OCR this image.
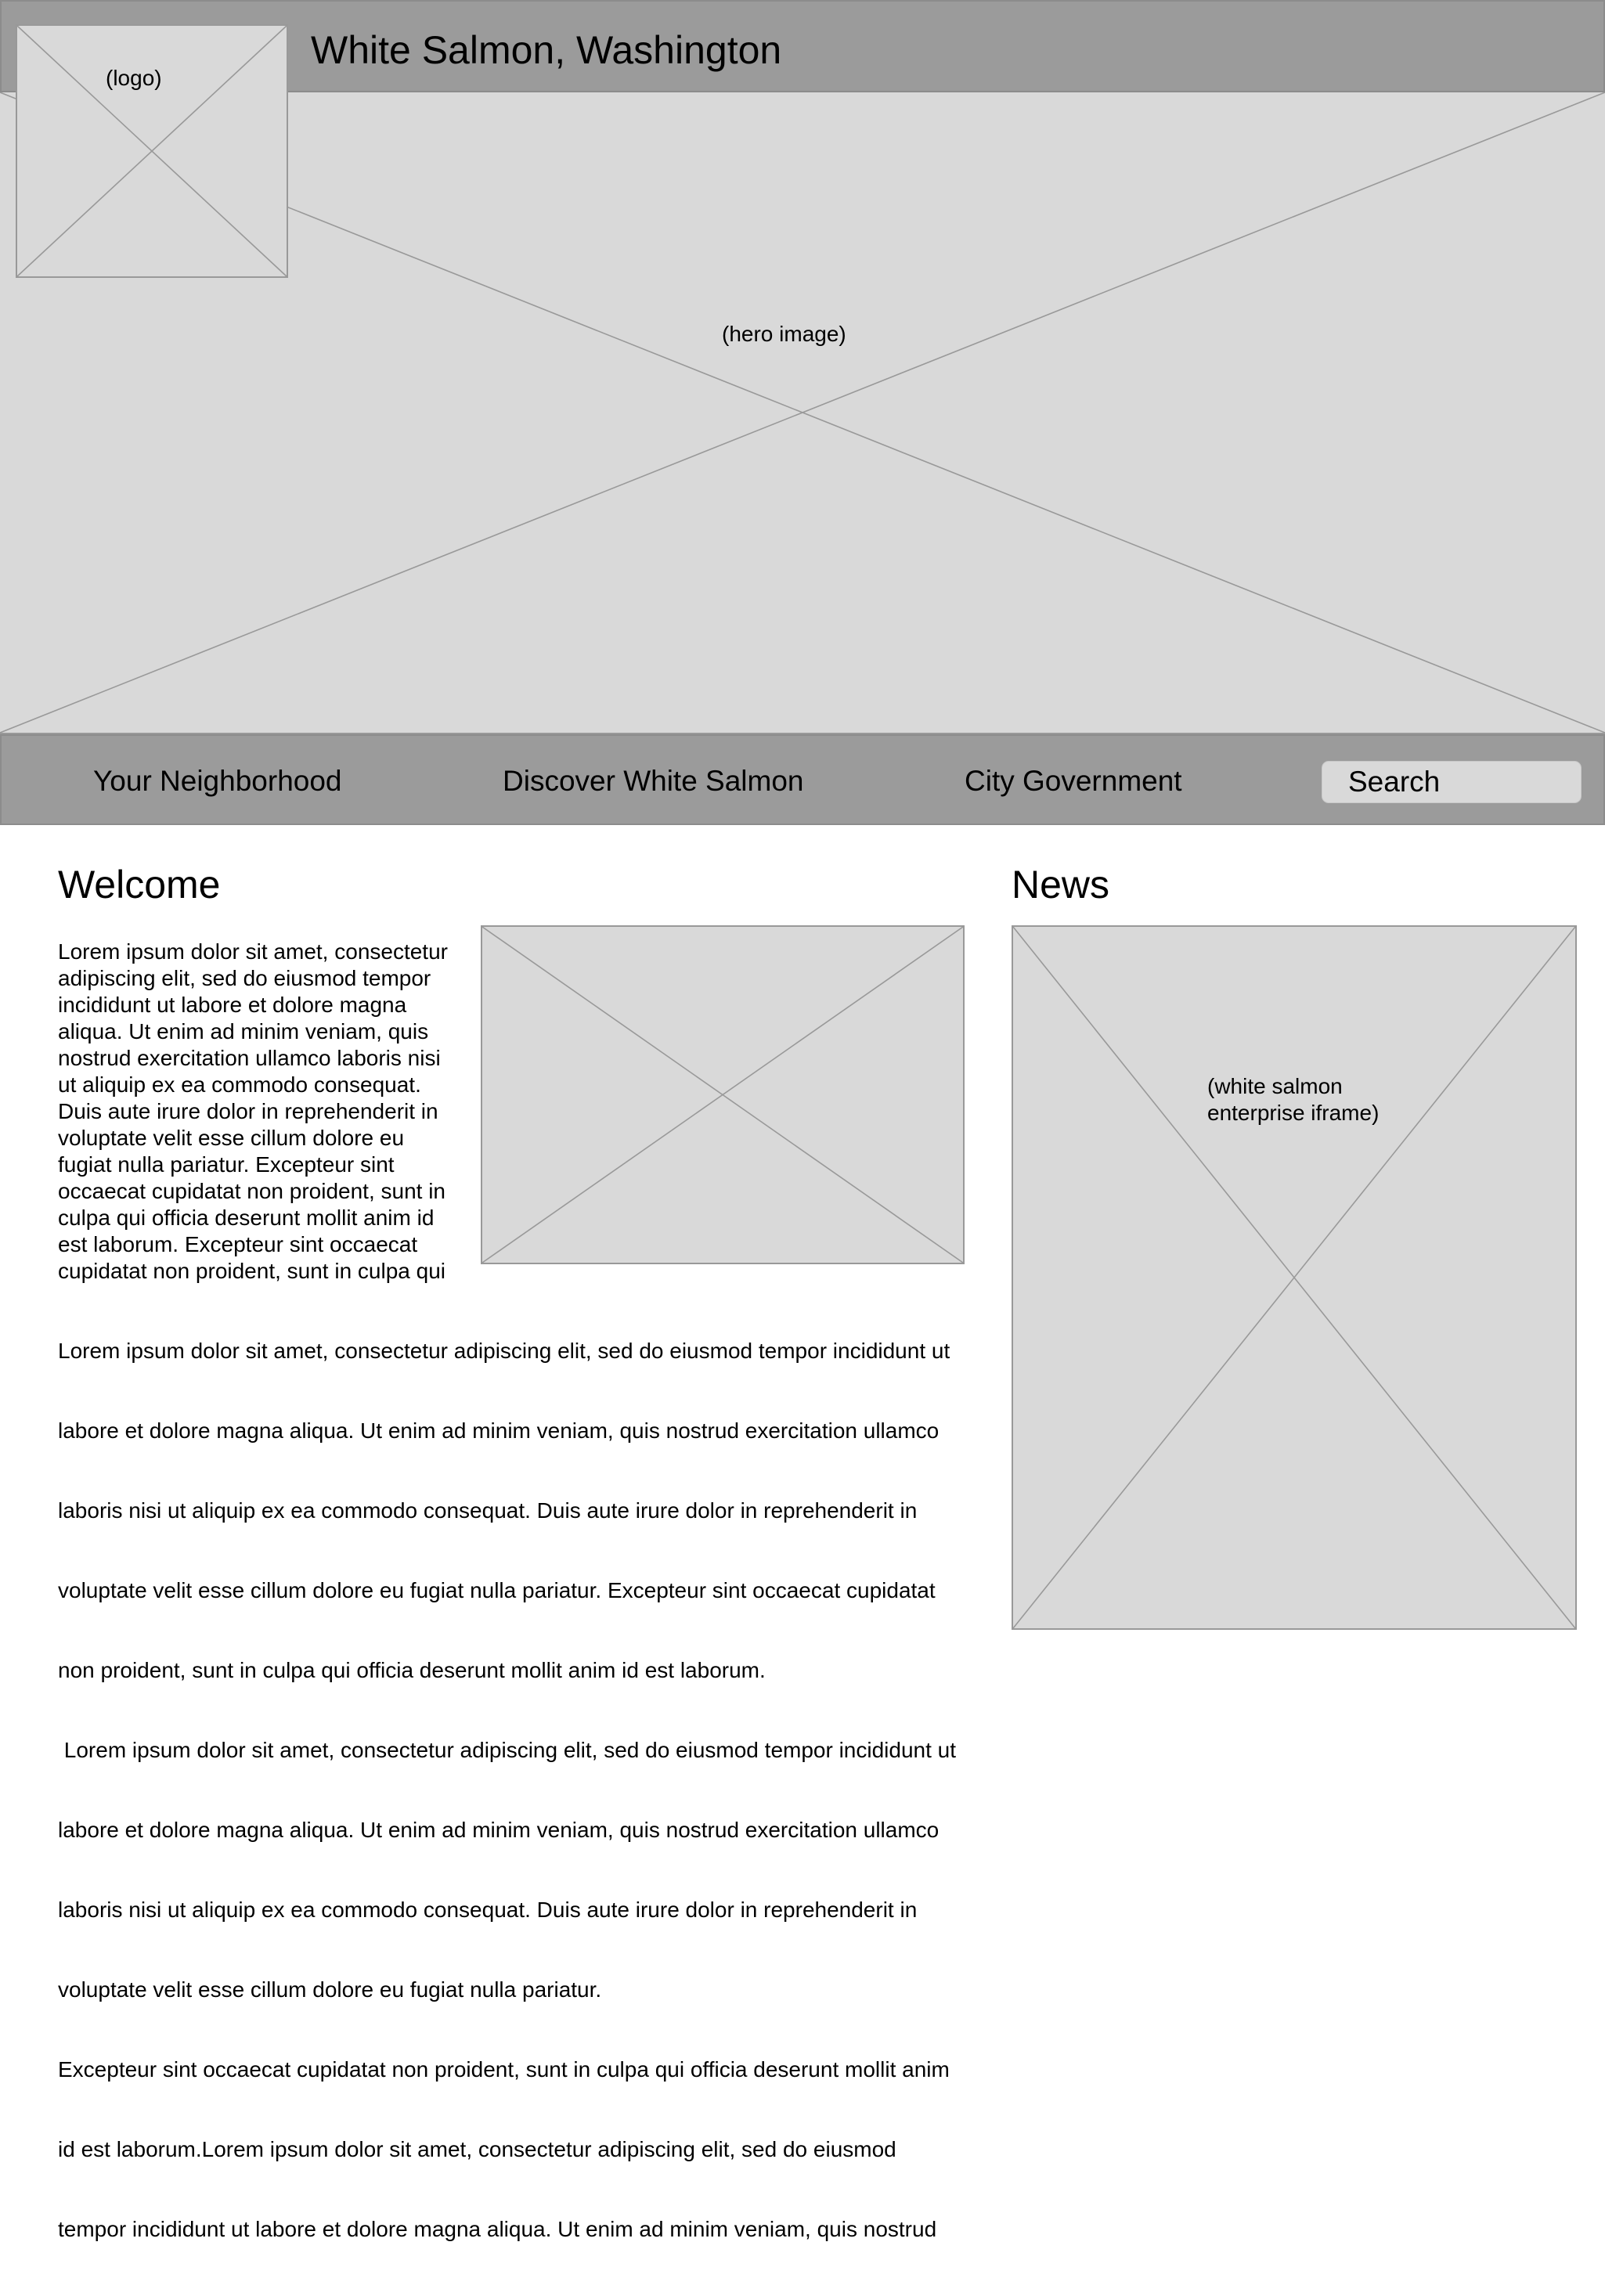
(hero image)
White Salmon, Washington
(logo)
Your Neighborhood	Discover White Salmon	City Government
Search
Welcome

Lorem ipsum dolor sit amet, consectetur

adipiscing elit, sed do eiusmod tempor

incididunt ut labore et dolore magna

aliqua. Ut enim ad minim veniam, quis

nostrud exercitation ullamco laboris nisi

ut aliquip ex ea commodo consequat.

Duis aute irure dolor in reprehenderit in

voluptate velit esse cillum dolore eu

fugiat nulla pariatur. Excepteur sint

occaecat cupidatat non proident, sunt in

culpa qui officia deserunt mollit anim id

est laborum. Excepteur sint occaecat

cupidatat non proident, sunt in culpa qui

Lorem ipsum dolor sit amet, consectetur adipiscing elit, sed do eiusmod tempor incididunt ut

labore et dolore magna aliqua. Ut enim ad minim veniam, quis nostrud exercitation ullamco

laboris nisi ut aliquip ex ea commodo consequat. Duis aute irure dolor in reprehenderit in

voluptate velit esse cillum dolore eu fugiat nulla pariatur. Excepteur sint occaecat cupidatat

non proident, sunt in culpa qui officia deserunt mollit anim id est laborum.

Lorem ipsum dolor sit amet, consectetur adipiscing elit, sed do eiusmod tempor incididunt ut

labore et dolore magna aliqua. Ut enim ad minim veniam, quis nostrud exercitation ullamco

laboris nisi ut aliquip ex ea commodo consequat. Duis aute irure dolor in reprehenderit in

voluptate velit esse cillum dolore eu fugiat nulla pariatur.

Excepteur sint occaecat cupidatat non proident, sunt in culpa qui officia deserunt mollit anim

id est laborum.Lorem ipsum dolor sit amet, consectetur adipiscing elit, sed do eiusmod

tempor incididunt ut labore et dolore magna aliqua. Ut enim ad minim veniam, quis nostrud

News
(white salmon
enterprise iframe)
